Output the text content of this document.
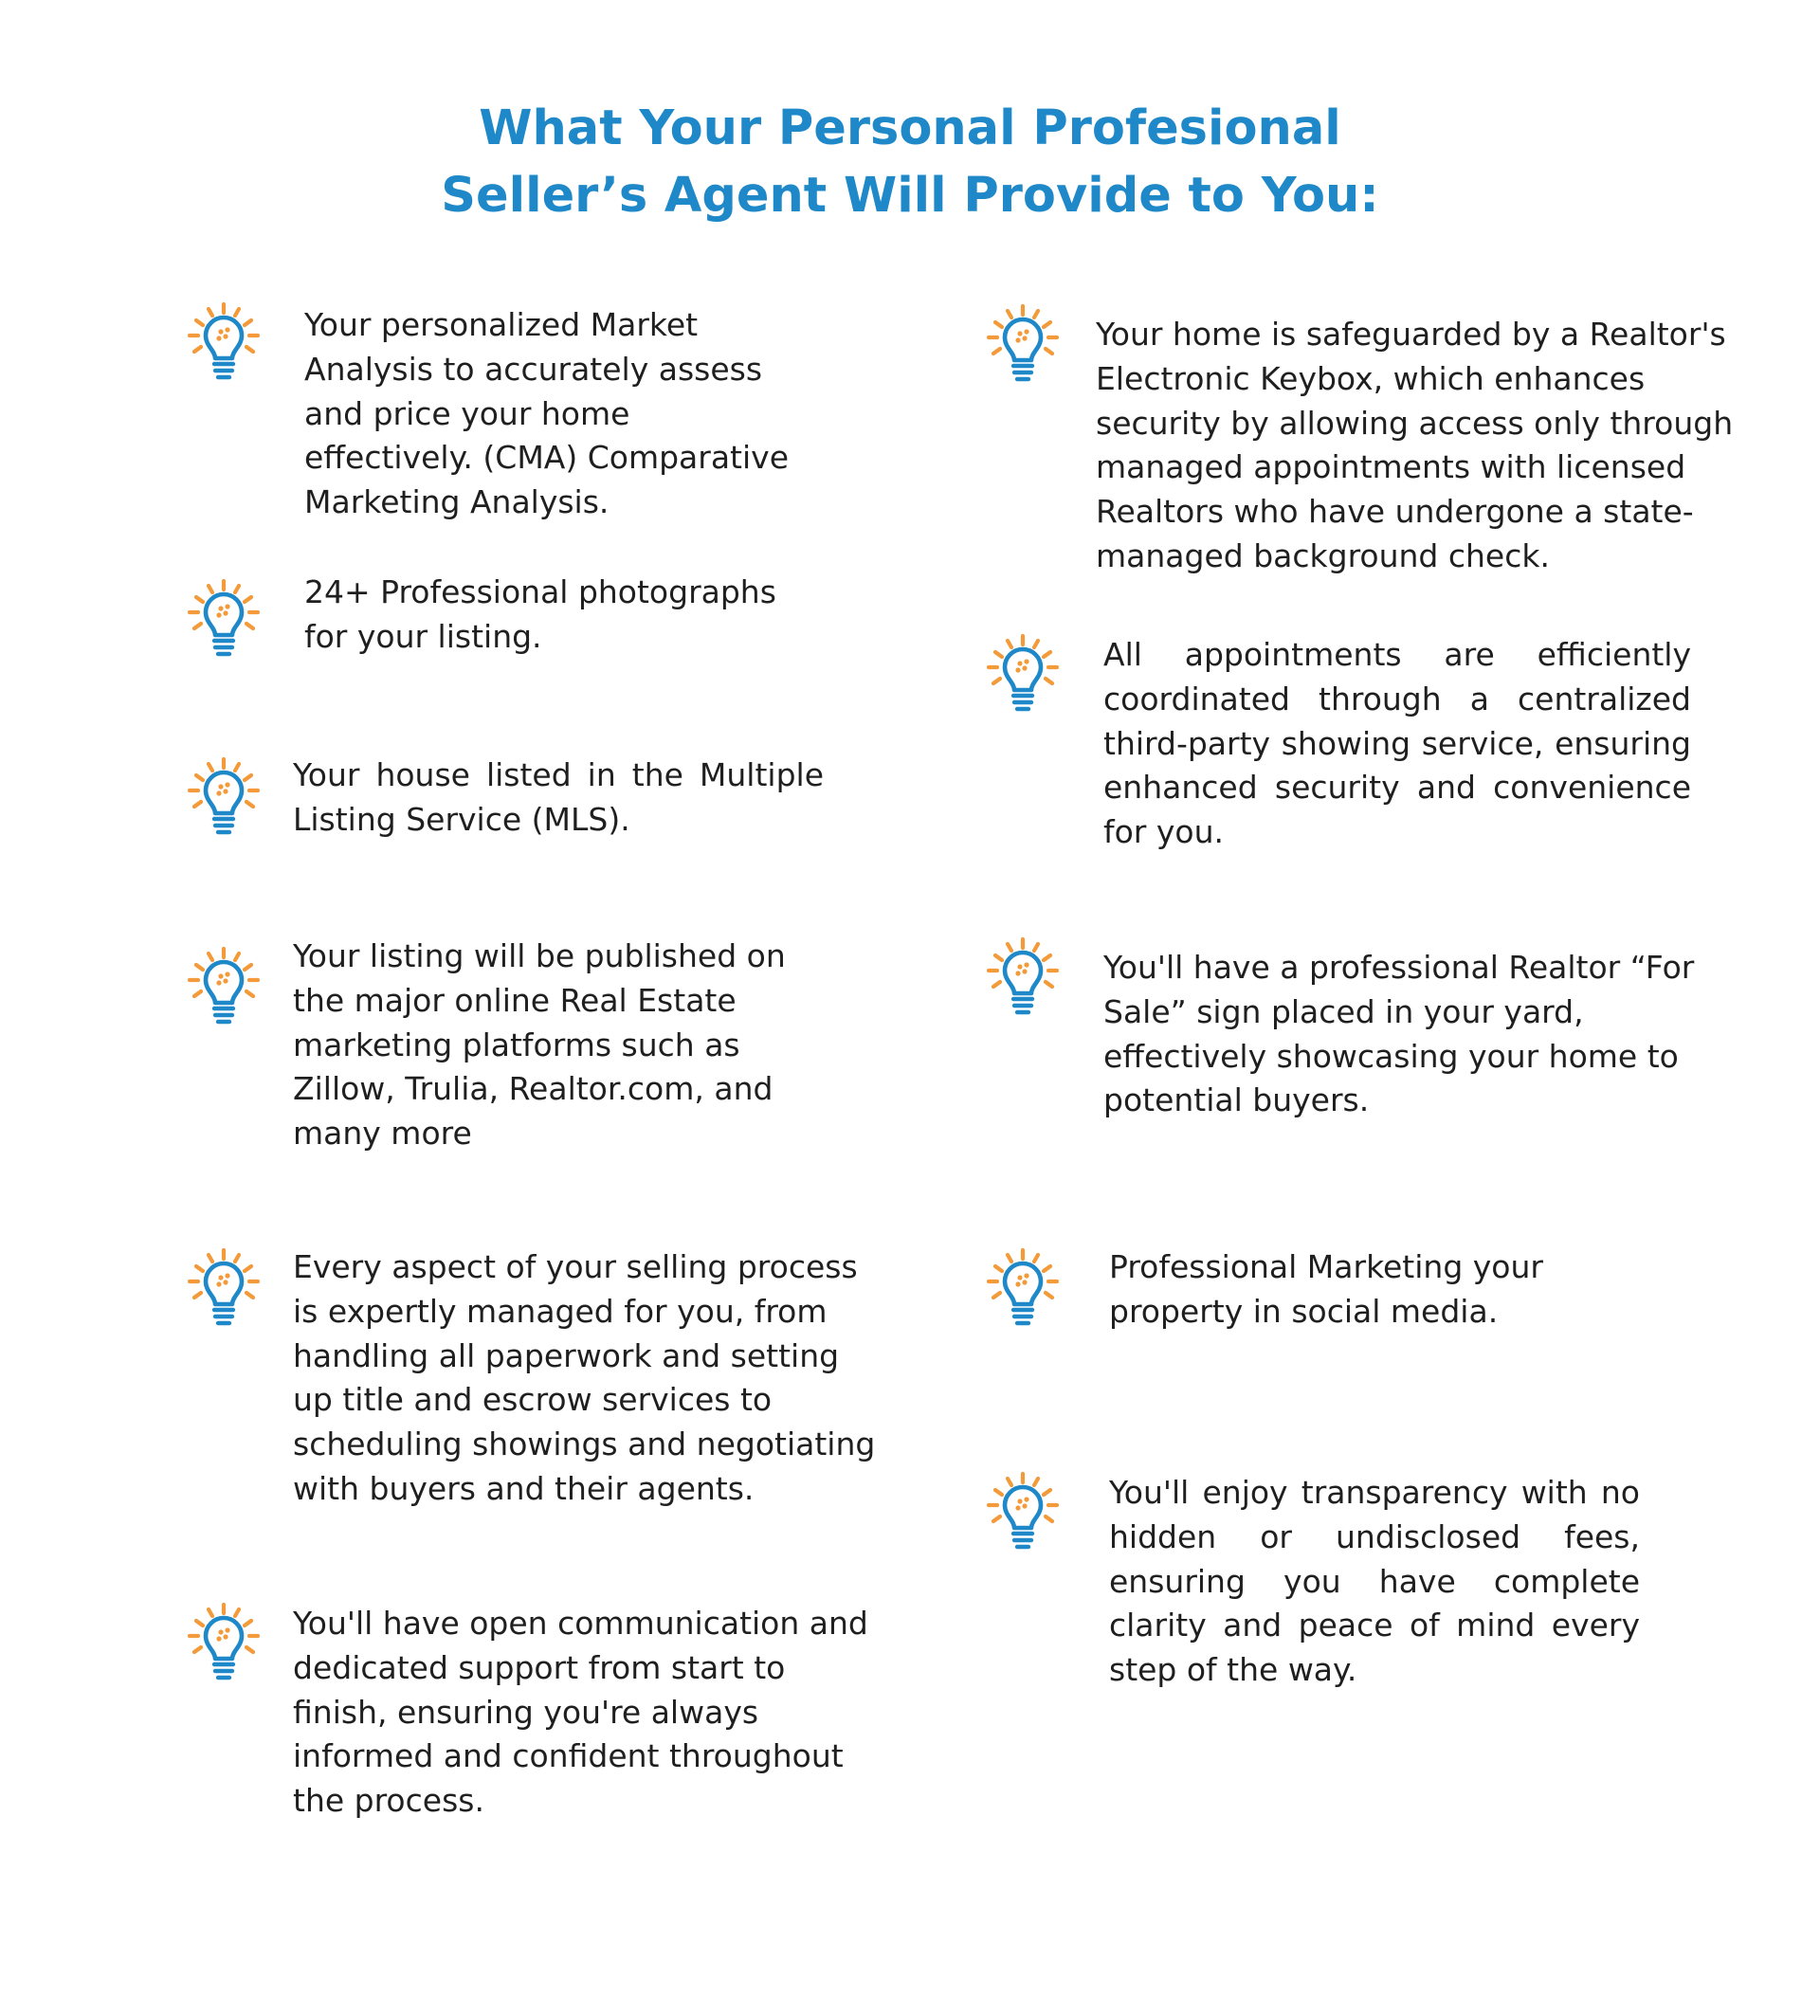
What Your Personal Profesional
Seller’s Agent Will Provide to You:

Your personalized Market Analysis to accurately assess and price your home effectively. (CMA) Comparative Marketing Analysis.

24+ Professional photographs for your listing.

Your house listed in the Multiple Listing Service (MLS).

Your listing will be published on the major online Real Estate marketing platforms such as Zillow, Trulia, Realtor.com, and many more

Every aspect of your selling process is expertly managed for you, from handling all paperwork and setting up title and escrow services to scheduling showings and negotiating with buyers and their agents.

You'll have open communication and dedicated support from start to finish, ensuring you're always informed and confident throughout the process.

Your home is safeguarded by a Realtor's Electronic Keybox, which enhances security by allowing access only through managed appointments with licensed Realtors who have undergone a state-managed background check.

All appointments are efficiently coordinated through a centralized third-party showing service, ensuring enhanced security and convenience for you.

You'll have a professional Realtor “For Sale” sign placed in your yard, effectively showcasing your home to potential buyers.

Professional Marketing your property in social media.

You'll enjoy transparency with no hidden or undisclosed fees, ensuring you have complete clarity and peace of mind every step of the way.
